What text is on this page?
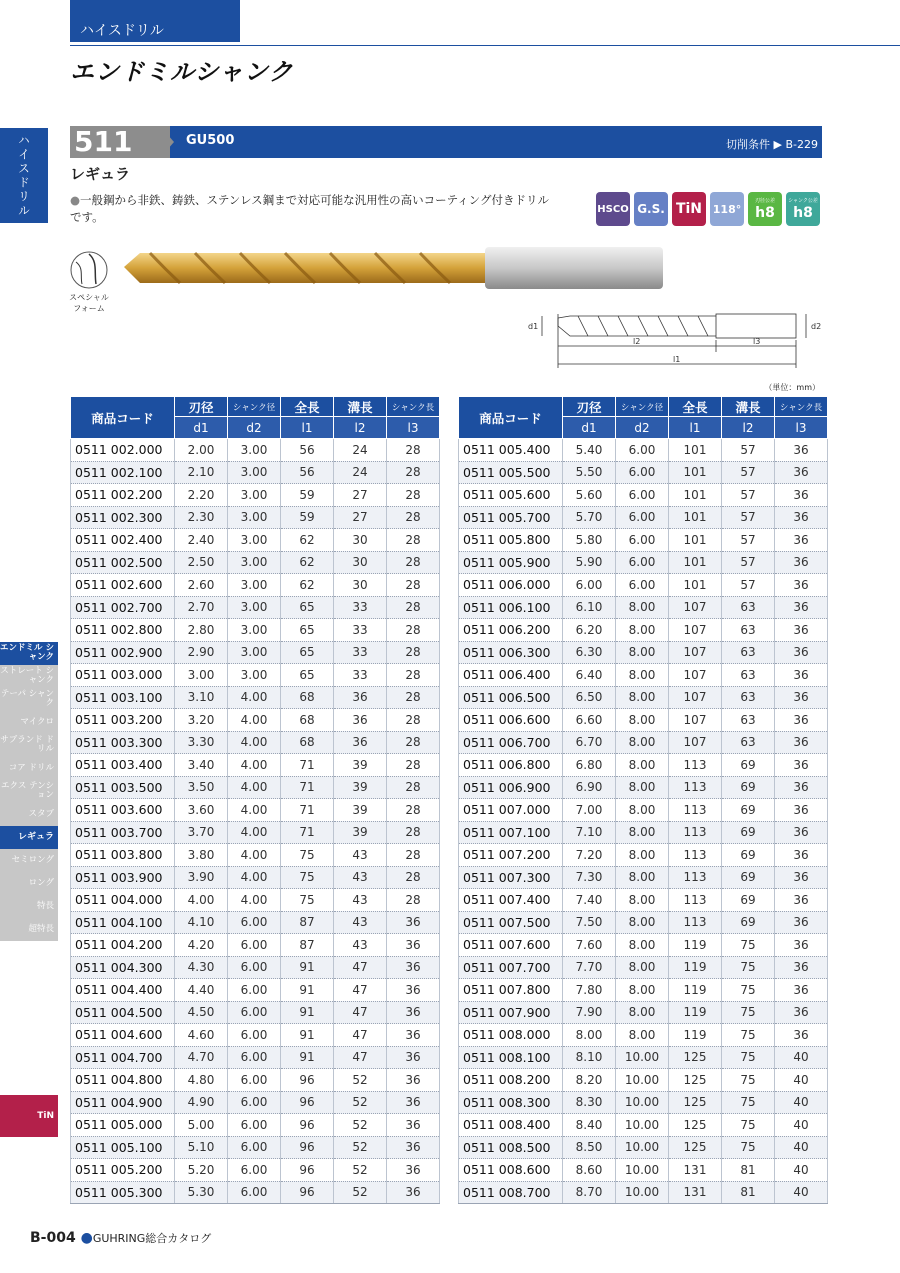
ハイスドリル
エンドミルシャンク
ハイスドリル	511	GU500	切削条件 ▶ B-229
レギュラ
●一般鋼から非鉄、鋳鉄、ステンレス鋼まで対応可能な汎用性の高いコーティング付きドリルです。
HSCO G.S. TiN 118°
刃径公差
h8
シャンク公差
h8
スペシャル フォーム
d1	d2
l2	l3
l1
（単位：mm）
商品コード	刃径	シャンク径	全長	溝長	シャンク長
	d1	d2	l1	l2	l3
0511 002.000	2.00	3.00	56	24	28
0511 002.100	2.10	3.00	56	24	28
0511 002.200	2.20	3.00	59	27	28
0511 002.300	2.30	3.00	59	27	28
0511 002.400	2.40	3.00	62	30	28
0511 002.500	2.50	3.00	62	30	28
0511 002.600	2.60	3.00	62	30	28
0511 002.700	2.70	3.00	65	33	28
0511 002.800	2.80	3.00	65	33	28
0511 002.900	2.90	3.00	65	33	28
0511 003.000	3.00	3.00	65	33	28
0511 003.100	3.10	4.00	68	36	28
0511 003.200	3.20	4.00	68	36	28
0511 003.300	3.30	4.00	68	36	28
0511 003.400	3.40	4.00	71	39	28
0511 003.500	3.50	4.00	71	39	28
0511 003.600	3.60	4.00	71	39	28
0511 003.700	3.70	4.00	71	39	28
0511 003.800	3.80	4.00	75	43	28
0511 003.900	3.90	4.00	75	43	28
0511 004.000	4.00	4.00	75	43	28
0511 004.100	4.10	6.00	87	43	36
0511 004.200	4.20	6.00	87	43	36
0511 004.300	4.30	6.00	91	47	36
0511 004.400	4.40	6.00	91	47	36
0511 004.500	4.50	6.00	91	47	36
0511 004.600	4.60	6.00	91	47	36
0511 004.700	4.70	6.00	91	47	36
0511 004.800	4.80	6.00	96	52	36
0511 004.900	4.90	6.00	96	52	36
0511 005.000	5.00	6.00	96	52	36
0511 005.100	5.10	6.00	96	52	36
0511 005.200	5.20	6.00	96	52	36
0511 005.300	5.30	6.00	96	52	36
商品コード	刃径	シャンク径	全長	溝長	シャンク長
	d1	d2	l1	l2	l3
0511 005.400	5.40	6.00	101	57	36
0511 005.500	5.50	6.00	101	57	36
0511 005.600	5.60	6.00	101	57	36
0511 005.700	5.70	6.00	101	57	36
0511 005.800	5.80	6.00	101	57	36
0511 005.900	5.90	6.00	101	57	36
0511 006.000	6.00	6.00	101	57	36
0511 006.100	6.10	8.00	107	63	36
0511 006.200	6.20	8.00	107	63	36
0511 006.300	6.30	8.00	107	63	36
0511 006.400	6.40	8.00	107	63	36
0511 006.500	6.50	8.00	107	63	36
0511 006.600	6.60	8.00	107	63	36
0511 006.700	6.70	8.00	107	63	36
0511 006.800	6.80	8.00	113	69	36
0511 006.900	6.90	8.00	113	69	36
0511 007.000	7.00	8.00	113	69	36
0511 007.100	7.10	8.00	113	69	36
0511 007.200	7.20	8.00	113	69	36
0511 007.300	7.30	8.00	113	69	36
0511 007.400	7.40	8.00	113	69	36
0511 007.500	7.50	8.00	113	69	36
0511 007.600	7.60	8.00	119	75	36
0511 007.700	7.70	8.00	119	75	36
0511 007.800	7.80	8.00	119	75	36
0511 007.900	7.90	8.00	119	75	36
0511 008.000	8.00	8.00	119	75	36
0511 008.100	8.10	10.00	125	75	40
0511 008.200	8.20	10.00	125	75	40
0511 008.300	8.30	10.00	125	75	40
0511 008.400	8.40	10.00	125	75	40
0511 008.500	8.50	10.00	125	75	40
0511 008.600	8.60	10.00	131	81	40
0511 008.700	8.70	10.00	131	81	40
エンドミル シャンク
ストレート シャンク
テーパ シャンク
マイクロ
サブランド ドリル
コア ドリル
エクス テンション
スタブ
レギュラ
セミロング
ロング
特長
超特長
TiN
B-004 ●GUHRING総合カタログ
